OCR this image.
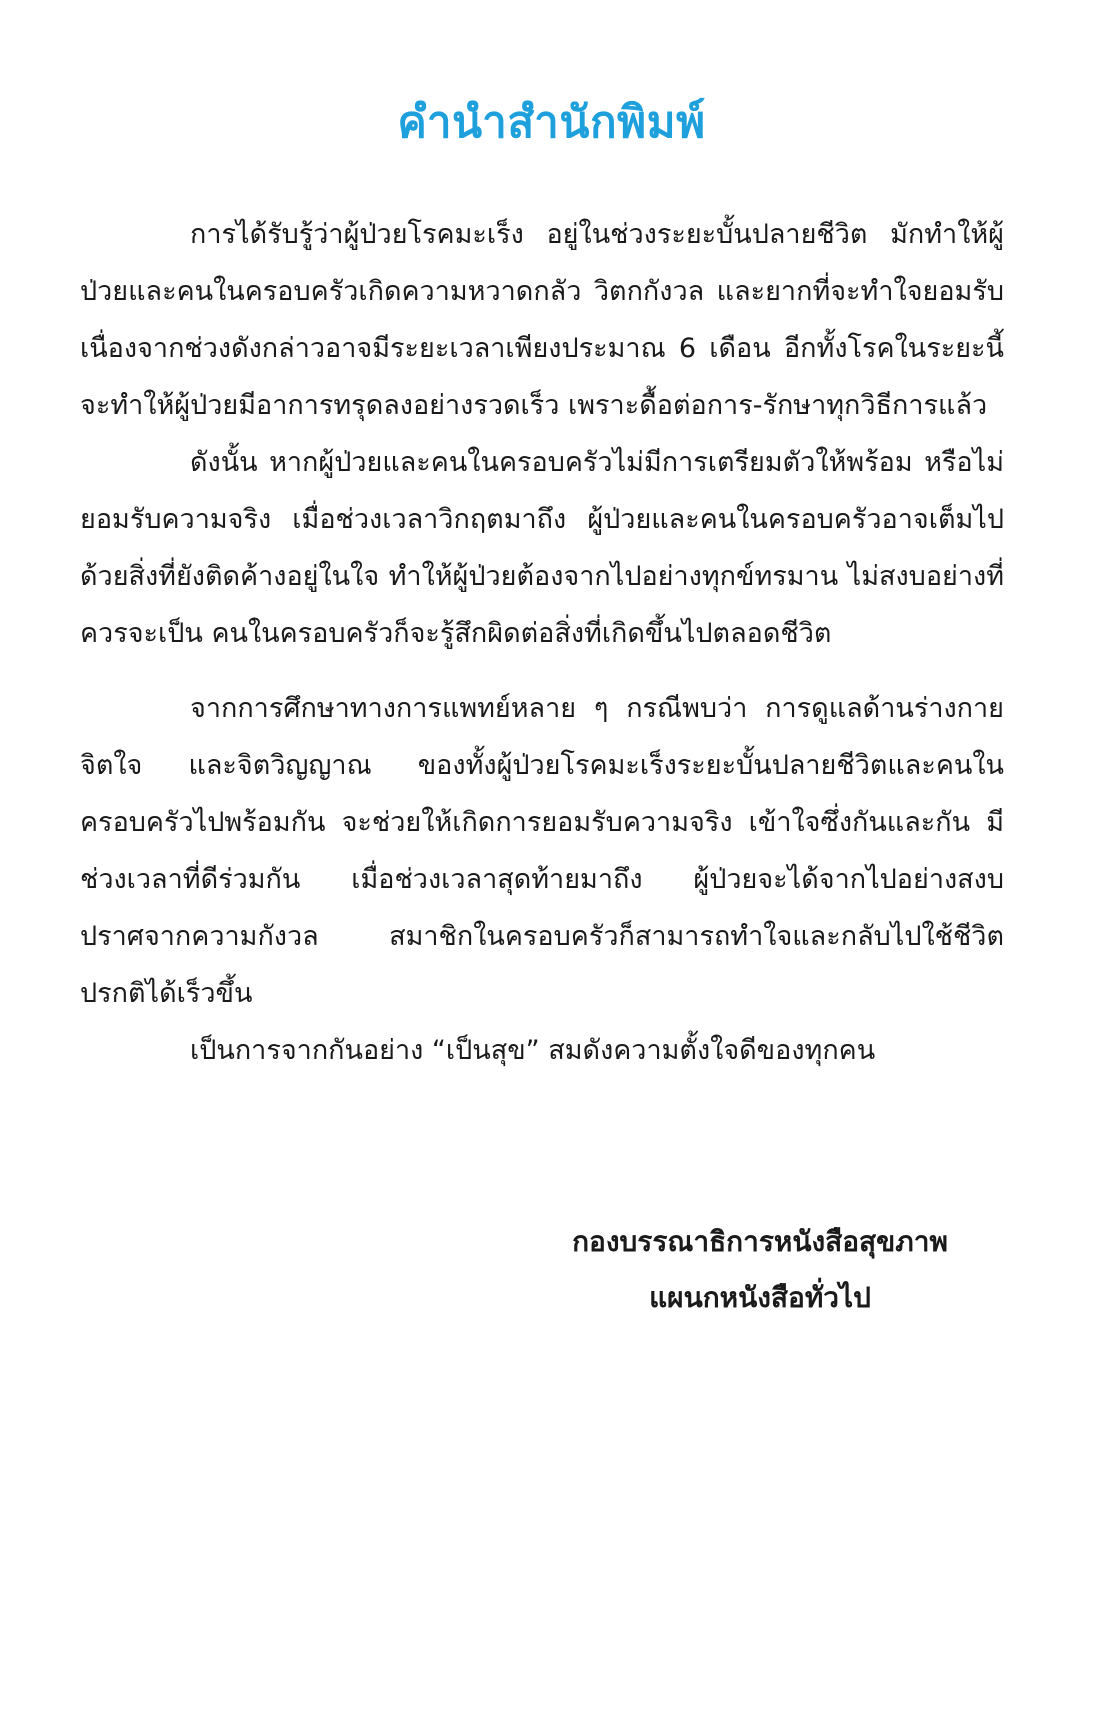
คำนำสำนักพิมพ์

การได้รับรู้ว่าผู้ป่วยโรคมะเร็ง อยู่ในช่วงระยะบั้นปลายชีวิต มักทำให้ผู้ป่วยและคนในครอบครัวเกิดความหวาดกลัว วิตกกังวล และยากที่จะทำใจยอมรับ เนื่องจากช่วงดังกล่าวอาจมีระยะเวลาเพียงประมาณ 6 เดือน อีกทั้งโรคในระยะนี้จะทำให้ผู้ป่วยมีอาการทรุดลงอย่างรวดเร็ว เพราะดื้อต่อการ-รักษาทุกวิธีการแล้ว

ดังนั้น หากผู้ป่วยและคนในครอบครัวไม่มีการเตรียมตัวให้พร้อม หรือไม่ยอมรับความจริง เมื่อช่วงเวลาวิกฤตมาถึง ผู้ป่วยและคนในครอบครัวอาจเต็มไปด้วยสิ่งที่ยังติดค้างอยู่ในใจ ทำให้ผู้ป่วยต้องจากไปอย่างทุกข์ทรมาน ไม่สงบอย่างที่ควรจะเป็น คนในครอบครัวก็จะรู้สึกผิดต่อสิ่งที่เกิดขึ้นไปตลอดชีวิต

จากการศึกษาทางการแพทย์หลาย ๆ กรณีพบว่า การดูแลด้านร่างกาย จิตใจ และจิตวิญญาณ ของทั้งผู้ป่วยโรคมะเร็งระยะบั้นปลายชีวิตและคนในครอบครัวไปพร้อมกัน จะช่วยให้เกิดการยอมรับความจริง เข้าใจซึ่งกันและกัน มีช่วงเวลาที่ดีร่วมกัน เมื่อช่วงเวลาสุดท้ายมาถึง ผู้ป่วยจะได้จากไปอย่างสงบ ปราศจากความกังวล สมาชิกในครอบครัวก็สามารถทำใจและกลับไปใช้ชีวิตปรกติได้เร็วขึ้น

เป็นการจากกันอย่าง “เป็นสุข” สมดังความตั้งใจดีของทุกคน

กองบรรณาธิการหนังสือสุขภาพ
แผนกหนังสือทั่วไป
